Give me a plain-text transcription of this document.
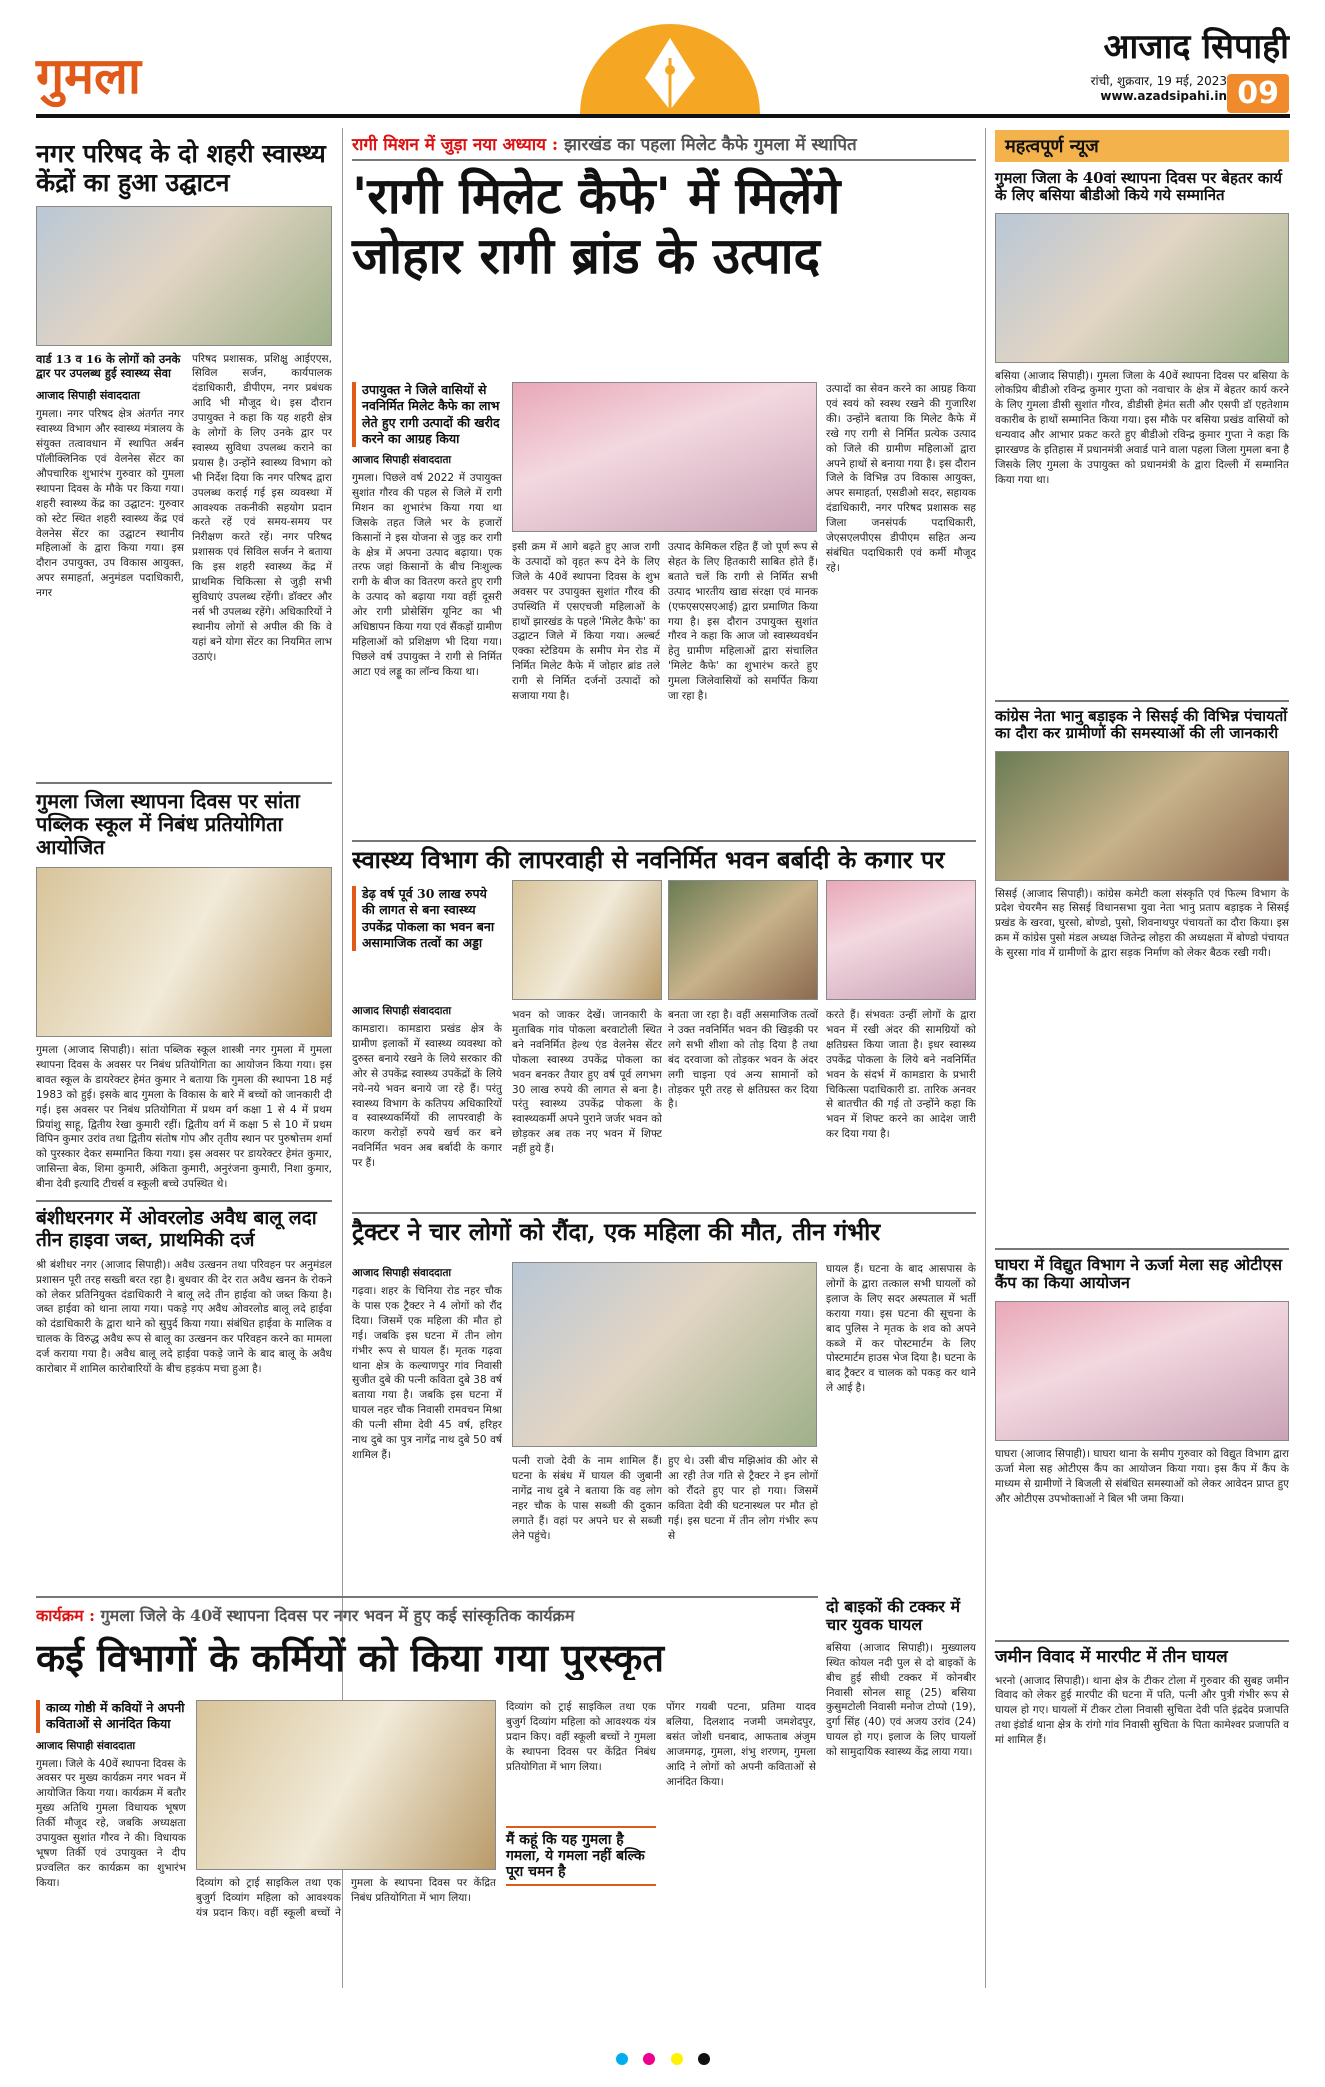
गुमला	आजाद सिपाही
रांची, शुक्रवार, 19 मई, 2023
www.azadsipahi.in 09
नगर परिषद के दो शहरी स्वास्थ्य केंद्रों का हुआ उद्घाटन
वार्ड 13 व 16 के लोगों को उनके द्वार पर उपलब्ध हुई स्वास्थ्य सेवा
परिषद प्रशासक, प्रशिक्षु आईएएस, सिविल सर्जन, कार्यपालक दंडाधिकारी, डीपीएम, नगर प्रबंधक आदि भी मौजूद थे। इस दौरान उपायुक्त ने कहा कि यह शहरी क्षेत्र के लोगों के लिए उनके द्वार पर स्वास्थ्य सुविधा उपलब्ध कराने का प्रयास है। उन्होंने स्वास्थ्य विभाग को भी निर्देश दिया कि नगर परिषद द्वारा उपलब्ध कराई गई इस व्यवस्था में आवश्यक तकनीकी सहयोग प्रदान करते रहें एवं समय-समय पर निरीक्षण करते रहें। नगर परिषद प्रशासक एवं सिविल सर्जन ने बताया कि इस शहरी स्वास्थ्य केंद्र में प्राथमिक चिकित्सा से जुड़ी सभी सुविधाएं उपलब्ध रहेंगी। डॉक्टर और नर्स भी उपलब्ध रहेंगे। अधिकारियों ने स्थानीय लोगों से अपील की कि वे यहां बने योगा सेंटर का नियमित लाभ उठाएं।
आजाद सिपाही संवाददाता
गुमला। नगर परिषद क्षेत्र अंतर्गत नगर स्वास्थ्य विभाग और स्वास्थ्य मंत्रालय के संयुक्त तत्वावधान में स्थापित अर्बन पॉलीक्लिनिक एवं वेलनेस सेंटर का औपचारिक शुभारंभ गुरुवार को गुमला स्थापना दिवस के मौके पर किया गया। शहरी स्वास्थ्य केंद्र का उद्घाटन: गुरुवार को स्टेट स्थित शहरी स्वास्थ्य केंद्र एवं वेलनेस सेंटर का उद्घाटन स्थानीय महिलाओं के द्वारा किया गया। इस दौरान उपायुक्त, उप विकास आयुक्त, अपर समाहर्ता, अनुमंडल पदाधिकारी, नगर
गुमला जिला स्थापना दिवस पर सांता पब्लिक स्कूल में निबंध प्रतियोगिता आयोजित
गुमला (आजाद सिपाही)। सांता पब्लिक स्कूल शास्त्री नगर गुमला में गुमला स्थापना दिवस के अवसर पर निबंध प्रतियोगिता का आयोजन किया गया। इस बावत स्कूल के डायरेक्टर हेमंत कुमार ने बताया कि गुमला की स्थापना 18 मई 1983 को हुई। इसके बाद गुमला के विकास के बारे में बच्चों को जानकारी दी गई। इस अवसर पर निबंध प्रतियोगिता में प्रथम वर्ग कक्षा 1 से 4 में प्रथम प्रियांशु साहू, द्वितीय रेखा कुमारी रहीं। द्वितीय वर्ग में कक्षा 5 से 10 में प्रथम विपिन कुमार उरांव तथा द्वितीय संतोष गोप और तृतीय स्थान पर पुरुषोत्तम शर्मा को पुरस्कार देकर सम्मानित किया गया। इस अवसर पर डायरेक्टर हेमंत कुमार, जासिन्ता बेक, शिमा कुमारी, अंकिता कुमारी, अनुरंजना कुमारी, निशा कुमार, बीना देवी इत्यादि टीचर्स व स्कूली बच्चे उपस्थित थे।
बंशीधरनगर में ओवरलोड अवैध बालू लदा तीन हाइवा जब्त, प्राथमिकी दर्ज
श्री बंशीधर नगर (आजाद सिपाही)। अवैध उत्खनन तथा परिवहन पर अनुमंडल प्रशासन पूरी तरह सख्ती बरत रहा है। बुधवार की देर रात अवैध खनन के रोकने को लेकर प्रतिनियुक्त दंडाधिकारी ने बालू लदे तीन हाईवा को जब्त किया है। जब्त हाईवा को थाना लाया गया। पकड़े गए अवैध ओवरलोड बालू लदे हाईवा को दंडाधिकारी के द्वारा थाने को सुपुर्द किया गया। संबंधित हाईवा के मालिक व चालक के विरुद्ध अवैध रूप से बालू का उत्खनन कर परिवहन करने का मामला दर्ज कराया गया है। अवैध बालू लदे हाईवा पकड़े जाने के बाद बालू के अवैध कारोबार में शामिल कारोबारियों के बीच हड़कंप मचा हुआ है।
रागी मिशन में जुड़ा नया अध्याय : झारखंड का पहला मिलेट कैफे गुमला में स्थापित
'रागी मिलेट कैफे' में मिलेंगे
जोहार रागी ब्रांड के उत्पाद
उपायुक्त ने जिले वासियों से नवनिर्मित मिलेट कैफे का लाभ लेते हुए रागी उत्पादों की खरीद करने का आग्रह किया
आजाद सिपाही संवाददाता
गुमला। पिछले वर्ष 2022 में उपायुक्त सुशांत गौरव की पहल से जिले में रागी मिशन का शुभारंभ किया गया था जिसके तहत जिले भर के हजारों किसानों ने इस योजना से जुड़ कर रागी के क्षेत्र में अपना उत्पाद बढ़ाया। एक तरफ जहां किसानों के बीच निःशुल्क रागी के बीज का वितरण करते हुए रागी के उत्पाद को बढ़ाया गया वहीं दूसरी ओर रागी प्रोसेसिंग यूनिट का भी अधिष्ठापन किया गया एवं सैंकड़ों ग्रामीण महिलाओं को प्रशिक्षण भी दिया गया। पिछले वर्ष उपायुक्त ने रागी से निर्मित आटा एवं लड्डू का लॉन्च किया था।
इसी क्रम में आगे बढ़ते हुए आज रागी के उत्पादों को वृहत रूप देने के लिए जिले के 40वें स्थापना दिवस के शुभ अवसर पर उपायुक्त सुशांत गौरव की उपस्थिति में एसएचजी महिलाओं के हाथों झारखंड के पहले 'मिलेट कैफे' का उद्घाटन जिले में किया गया। अल्बर्ट एक्का स्टेडियम के समीप मेन रोड में निर्मित मिलेट कैफे में जोहार ब्रांड तले रागी से निर्मित दर्जनों उत्पादों को सजाया गया है।
उत्पाद केमिकल रहित हैं जो पूर्ण रूप से सेहत के लिए हितकारी साबित होते हैं। बताते चलें कि रागी से निर्मित सभी उत्पाद भारतीय खाद्य संरक्षा एवं मानक (एफएसएसएआई) द्वारा प्रमाणित किया गया है। इस दौरान उपायुक्त सुशांत गौरव ने कहा कि आज जो स्वास्थ्यवर्धन हेतु ग्रामीण महिलाओं द्वारा संचालित 'मिलेट कैफे' का शुभारंभ करते हुए गुमला जिलेवासियों को समर्पित किया जा रहा है।
उत्पादों का सेवन करने का आग्रह किया एवं स्वयं को स्वस्थ रखने की गुजारिश की। उन्होंने बताया कि मिलेट कैफे में रखे गए रागी से निर्मित प्रत्येक उत्पाद को जिले की ग्रामीण महिलाओं द्वारा अपने हाथों से बनाया गया है। इस दौरान जिले के विभिन्न उप विकास आयुक्त, अपर समाहर्ता, एसडीओ सदर, सहायक दंडाधिकारी, नगर परिषद प्रशासक सह जिला जनसंपर्क पदाधिकारी, जेएसएलपीएस डीपीएम सहित अन्य संबंधित पदाधिकारी एवं कर्मी मौजूद रहे।
स्वास्थ्य विभाग की लापरवाही से नवनिर्मित भवन बर्बादी के कगार पर
डेढ़ वर्ष पूर्व 30 लाख रुपये की लागत से बना स्वास्थ्य उपकेंद्र पोकला का भवन बना असामाजिक तत्वों का अड्डा
आजाद सिपाही संवाददाता
कामडारा। कामडारा प्रखंड क्षेत्र के ग्रामीण इलाकों में स्वास्थ्य व्यवस्था को दुरुस्त बनाये रखने के लिये सरकार की ओर से उपकेंद्र स्वास्थ्य उपकेंद्रों के लिये नये-नये भवन बनाये जा रहे हैं। परंतु स्वास्थ्य विभाग के कतिपय अधिकारियों व स्वास्थ्यकर्मियों की लापरवाही के कारण करोड़ों रुपये खर्च कर बने नवनिर्मित भवन अब बर्बादी के कगार पर हैं।
भवन को जाकर देखें। जानकारी के मुताबिक गांव पोकला बरवाटोली स्थित बने नवनिर्मित हेल्थ एंड वेलनेस सेंटर पोकला स्वास्थ्य उपकेंद्र पोकला का भवन बनकर तैयार हुए वर्ष पूर्व लगभग 30 लाख रुपये की लागत से बना है। परंतु स्वास्थ्य उपकेंद्र पोकला के स्वास्थ्यकर्मी अपने पुराने जर्जर भवन को छोड़कर अब तक नए भवन में शिफ्ट नहीं हुये हैं।
बनता जा रहा है। वहीं असमाजिक तत्वों ने उक्त नवनिर्मित भवन की खिड़की पर लगे सभी शीशा को तोड़ दिया है तथा बंद दरवाजा को तोड़कर भवन के अंदर लगी चाइना एवं अन्य सामानों को तोड़कर पूरी तरह से क्षतिग्रस्त कर दिया है।
करते हैं। संभवतः उन्हीं लोगों के द्वारा भवन में रखी अंदर की सामग्रियों को क्षतिग्रस्त किया जाता है। इधर स्वास्थ्य उपकेंद्र पोकला के लिये बने नवनिर्मित भवन के संदर्भ में कामडारा के प्रभारी चिकित्सा पदाधिकारी डा. तारिक अनवर से बातचीत की गई तो उन्होंने कहा कि भवन में शिफ्ट करने का आदेश जारी कर दिया गया है।
ट्रैक्टर ने चार लोगों को रौंदा, एक महिला की मौत, तीन गंभीर
आजाद सिपाही संवाददाता
गढ़वा। शहर के चिनिया रोड नहर चौक के पास एक ट्रैक्टर ने 4 लोगों को रौंद दिया। जिसमें एक महिला की मौत हो गई। जबकि इस घटना में तीन लोग गंभीर रूप से घायल हैं। मृतक गढ़वा थाना क्षेत्र के कल्याणपुर गांव निवासी सुजीत दुबे की पत्नी कविता दुबे 38 वर्ष बताया गया है। जबकि इस घटना में घायल नहर चौक निवासी रामवचन मिश्रा की पत्नी सीमा देवी 45 वर्ष, हरिहर नाथ दुबे का पुत्र नागेंद्र नाथ दुबे 50 वर्ष शामिल हैं।
पत्नी राजो देवी के नाम शामिल हैं। घटना के संबंध में घायल की जुबानी नागेंद्र नाथ दुबे ने बताया कि वह लोग नहर चौक के पास सब्जी की दुकान लगाते हैं। वहां पर अपने घर से सब्जी लेने पहुंचे।
हुए थे। उसी बीच मझिआंव की ओर से आ रही तेज गति से ट्रैक्टर ने इन लोगों को रौंदते हुए पार हो गया। जिसमें कविता देवी की घटनास्थल पर मौत हो गई। इस घटना में तीन लोग गंभीर रूप से
घायल हैं। घटना के बाद आसपास के लोगों के द्वारा तत्काल सभी घायलों को इलाज के लिए सदर अस्पताल में भर्ती कराया गया। इस घटना की सूचना के बाद पुलिस ने मृतक के शव को अपने कब्जे में कर पोस्टमार्टम के लिए पोस्टमार्टम हाउस भेज दिया है। घटना के बाद ट्रैक्टर व चालक को पकड़ कर थाने ले आई है।
कार्यक्रम : गुमला जिले के 40वें स्थापना दिवस पर नगर भवन में हुए कई सांस्कृतिक कार्यक्रम
कई विभागों के कर्मियों को किया गया पुरस्कृत
काव्य गोष्ठी में कवियों ने अपनी कविताओं से आनंदित किया
आजाद सिपाही संवाददाता
गुमला। जिले के 40वें स्थापना दिवस के अवसर पर मुख्य कार्यक्रम नगर भवन में आयोजित किया गया। कार्यक्रम में बतौर मुख्य अतिथि गुमला विधायक भूषण तिर्की मौजूद रहे, जबकि अध्यक्षता उपायुक्त सुशांत गौरव ने की। विधायक भूषण तिर्की एवं उपायुक्त ने दीप प्रज्वलित कर कार्यक्रम का शुभारंभ किया।	दिव्यांग को ट्राई साइकिल तथा एक बुजुर्ग दिव्यांग महिला को आवश्यक यंत्र प्रदान किए। वहीं स्कूली बच्चों ने गुमला के स्थापना दिवस पर केंद्रित निबंध प्रतियोगिता में भाग लिया।
दिव्यांग को ट्राई साइकिल तथा एक बुजुर्ग दिव्यांग महिला को आवश्यक यंत्र प्रदान किए। वहीं स्कूली बच्चों ने गुमला के स्थापना दिवस पर केंद्रित निबंध प्रतियोगिता में भाग लिया।
मैं कहूं कि यह गुमला है गमला, ये गमला नहीं बल्कि पूरा चमन है
पोंगर गयबी पटना, प्रतिमा यादव बलिया, दिलशाद नजमी जमशेदपुर, बसंत जोशी धनबाद, आफताब अंजुम आजमगढ़, गुमला, शंभु शरणम्, गुमला आदि ने लोगों को अपनी कविताओं से आनंदित किया।
दो बाइकों की टक्कर में चार युवक घायल
बसिया (आजाद सिपाही)। मुख्यालय स्थित कोयल नदी पुल से दो बाइकों के बीच हुई सीधी टक्कर में कोनबीर निवासी सोनल साहू (25) बसिया कुसुमटोली निवासी मनोज टोप्पो (19), दुर्गा सिंह (40) एवं अजय उरांव (24) घायल हो गए। इलाज के लिए घायलों को सामुदायिक स्वास्थ्य केंद्र लाया गया।
महत्वपूर्ण न्यूज
गुमला जिला के 40वां स्थापना दिवस पर बेहतर कार्य के लिए बसिया बीडीओ किये गये सम्मानित
बसिया (आजाद सिपाही)। गुमला जिला के 40वें स्थापना दिवस पर बसिया के लोकप्रिय बीडीओ रविन्द्र कुमार गुप्ता को नवाचार के क्षेत्र में बेहतर कार्य करने के लिए गुमला डीसी सुशांत गौरव, डीडीसी हेमंत सती और एसपी डॉ एहतेशाम वकारीब के हाथों सम्मानित किया गया। इस मौके पर बसिया प्रखंड वासियों को धन्यवाद और आभार प्रकट करते हुए बीडीओ रविन्द्र कुमार गुप्ता ने कहा कि झारखण्ड के इतिहास में प्रधानमंत्री अवार्ड पाने वाला पहला जिला गुमला बना है जिसके लिए गुमला के उपायुक्त को प्रधानमंत्री के द्वारा दिल्ली में सम्मानित किया गया था।
कांग्रेस नेता भानु बड़ाइक ने सिसई की विभिन्न पंचायतों का दौरा कर ग्रामीणों की समस्याओं की ली जानकारी
सिसई (आजाद सिपाही)। कांग्रेस कमेटी कला संस्कृति एवं फिल्म विभाग के प्रदेश चेयरमैन सह सिसई विधानसभा युवा नेता भानु प्रताप बड़ाइक ने सिसई प्रखंड के खरवा, घुरसो, बोण्डो, पुसो, शिवनाथपुर पंचायतों का दौरा किया। इस क्रम में कांग्रेस पुसो मंडल अध्यक्ष जितेन्द्र लोहरा की अध्यक्षता में बोण्डो पंचायत के सुरसा गांव में ग्रामीणों के द्वारा सड़क निर्माण को लेकर बैठक रखी गयी।
घाघरा में विद्युत विभाग ने ऊर्जा मेला सह ओटीएस कैंप का किया आयोजन
घाघरा (आजाद सिपाही)। घाघरा थाना के समीप गुरुवार को विद्युत विभाग द्वारा ऊर्जा मेला सह ओटीएस कैंप का आयोजन किया गया। इस कैंप में कैंप के माध्यम से ग्रामीणों ने बिजली से संबंधित समस्याओं को लेकर आवेदन प्राप्त हुए और ओटीएस उपभोक्ताओं ने बिल भी जमा किया।
जमीन विवाद में मारपीट में तीन घायल
भरनो (आजाद सिपाही)। थाना क्षेत्र के टीकर टोला में गुरुवार की सुबह जमीन विवाद को लेकर हुई मारपीट की घटना में पति, पत्नी और पुत्री गंभीर रूप से घायल हो गए। घायलों में टीकर टोला निवासी सुचिता देवी पति इंद्रदेव प्रजापति तथा इंडोर्ड थाना क्षेत्र के रांगो गांव निवासी सुचिता के पिता कामेश्वर प्रजापति व मां शामिल हैं।
